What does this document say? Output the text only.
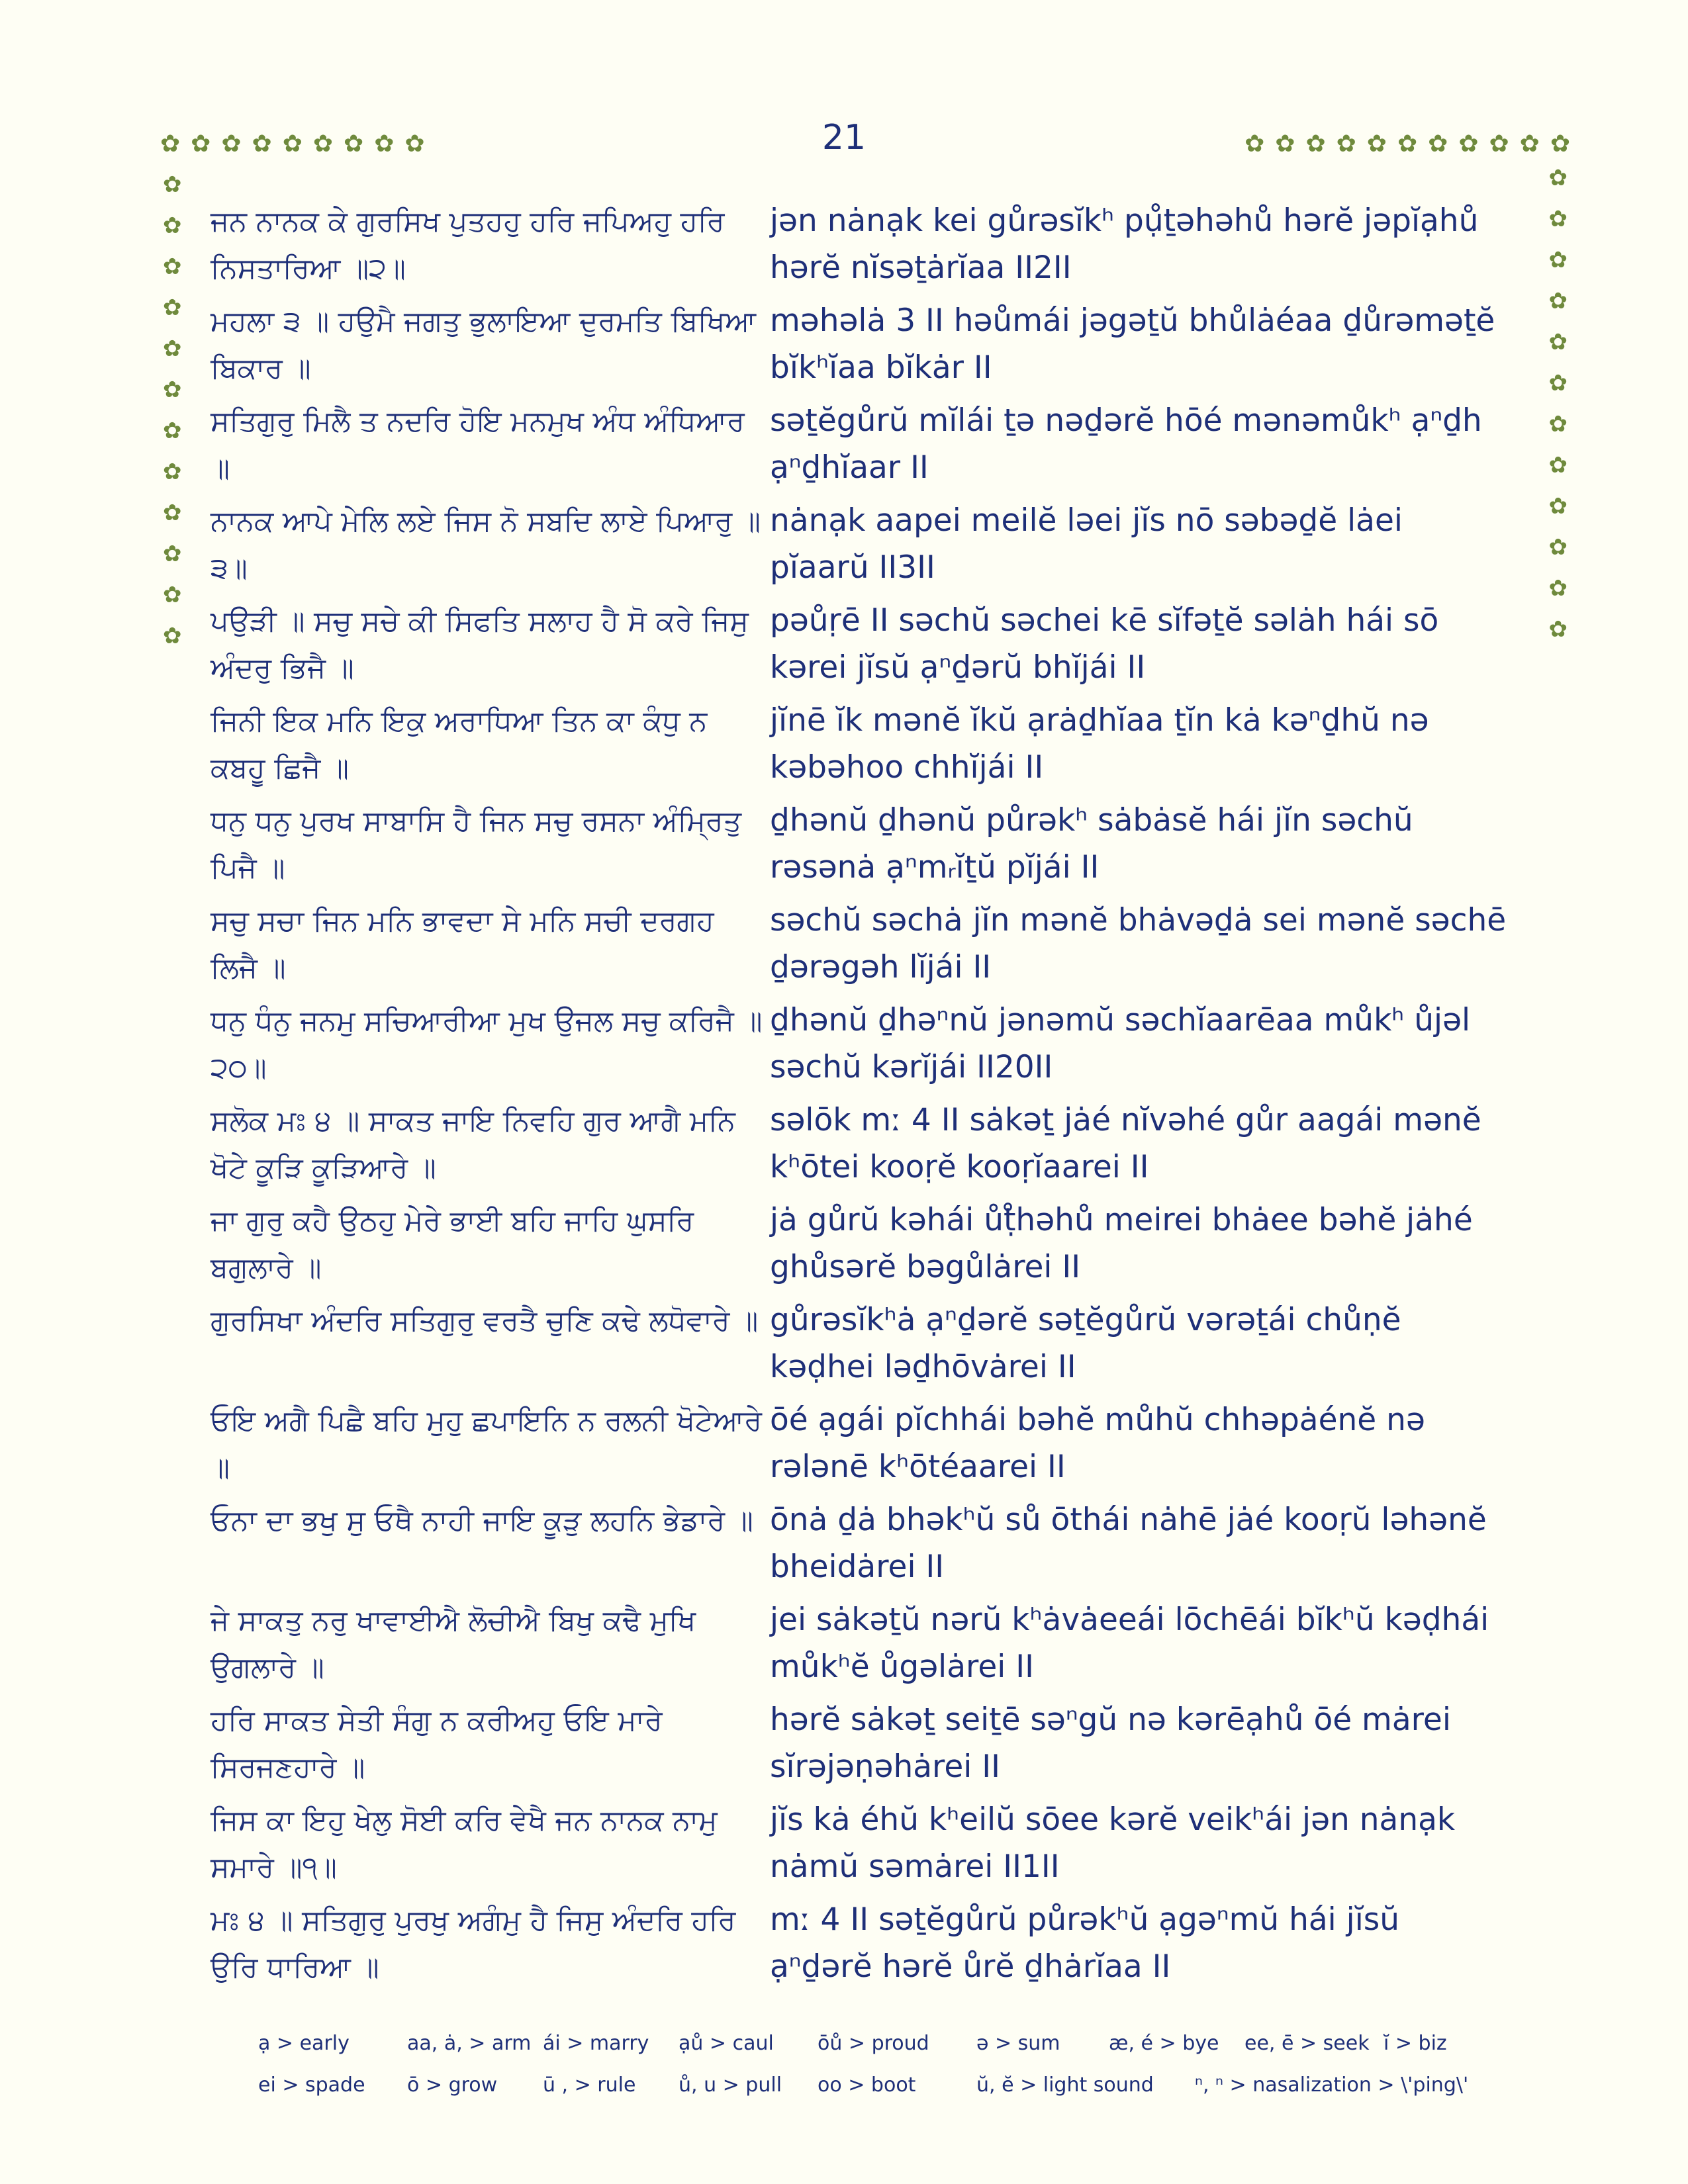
21
✿ ✿ ✿ ✿ ✿ ✿ ✿ ✿ ✿	✿ ✿ ✿ ✿ ✿ ✿ ✿ ✿ ✿ ✿ ✿
✿
✿
✿
✿
✿
✿
✿
✿
✿
✿
✿
✿
✿
✿
✿
✿
✿
✿
✿
✿
✿
✿
✿
✿
ਜਨ ਨਾਨਕ ਕੇ ਗੁਰਸਿਖ ਪੁਤਹਹੁ ਹਰਿ ਜਪਿਅਹੁ ਹਰਿ ਨਿਸਤਾਰਿਆ ॥੨॥
jən nȧnạk kei gůrəsĭkʰ pụ̊ṯəhəhů hərĕ jəpĭạhů hərĕ nĭsəṯȧrĭaa II2II
ਮਹਲਾ ੩ ॥ ਹਉਮੈ ਜਗਤੁ ਭੁਲਾਇਆ ਦੁਰਮਤਿ ਬਿਖਿਆ ਬਿਕਾਰ ॥
məhəlȧ 3 II həůmái jəgəṯŭ bhůlȧéaa ḏůrəməṯĕ bĭkʰĭaa bĭkȧr II
ਸਤਿਗੁਰੁ ਮਿਲੈ ਤ ਨਦਰਿ ਹੋਇ ਮਨਮੁਖ ਅੰਧ ਅੰਧਿਆਰ ॥
səṯĕgůrŭ mĭlái ṯə nəḏərĕ hōé mənəmůkʰ ạⁿḏh ạⁿḏhĭaar II
ਨਾਨਕ ਆਪੇ ਮੇਲਿ ਲਏ ਜਿਸ ਨੋ ਸਬਦਿ ਲਾਏ ਪਿਆਰੁ ॥੩॥
nȧnạk aapei meilĕ ləei jĭs nō səbəḏĕ lȧei pĭaarŭ II3II
ਪਉੜੀ ॥ ਸਚੁ ਸਚੇ ਕੀ ਸਿਫਤਿ ਸਲਾਹ ਹੈ ਸੋ ਕਰੇ ਜਿਸੁ ਅੰਦਰੁ ਭਿਜੈ ॥
pəůṛē II səchŭ səchei kē sĭfəṯĕ səlȧh hái sō kərei jĭsŭ ạⁿḏərŭ bhĭjái II
ਜਿਨੀ ਇਕ ਮਨਿ ਇਕੁ ਅਰਾਧਿਆ ਤਿਨ ਕਾ ਕੰਧੁ ਨ ਕਬਹੂ ਛਿਜੈ ॥
jĭnē ĭk mənĕ ĭkŭ ạrȧḏhĭaa ṯĭn kȧ kəⁿḏhŭ nə kəbəhoo chhĭjái II
ਧਨੁ ਧਨੁ ਪੁਰਖ ਸਾਬਾਸਿ ਹੈ ਜਿਨ ਸਚੁ ਰਸਨਾ ਅੰਮ੍ਰਿਤੁ ਪਿਜੈ ॥
ḏhənŭ ḏhənŭ půrəkʰ sȧbȧsĕ hái jĭn səchŭ rəsənȧ ạⁿmᵣĭṯŭ pĭjái II
ਸਚੁ ਸਚਾ ਜਿਨ ਮਨਿ ਭਾਵਦਾ ਸੇ ਮਨਿ ਸਚੀ ਦਰਗਹ ਲਿਜੈ ॥
səchŭ səchȧ jĭn mənĕ bhȧvəḏȧ sei mənĕ səchē ḏərəgəh lĭjái II
ਧਨੁ ਧੰਨੁ ਜਨਮੁ ਸਚਿਆਰੀਆ ਮੁਖ ਉਜਲ ਸਚੁ ਕਰਿਜੈ ॥੨੦॥
ḏhənŭ ḏhəⁿnŭ jənəmŭ səchĭaarēaa můkʰ ůjəl səchŭ kərĭjái II20II
ਸਲੋਕ ਮਃ ੪ ॥ ਸਾਕਤ ਜਾਇ ਨਿਵਹਿ ਗੁਰ ਆਗੈ ਮਨਿ ਖੋਟੇ ਕੂੜਿ ਕੂੜਿਆਰੇ ॥
səlōk mː 4 II sȧkəṯ jȧé nĭvəhé gůr aagái mənĕ kʰōtei kooṛĕ kooṛĭaarei II
ਜਾ ਗੁਰੁ ਕਹੈ ਉਠਹੁ ਮੇਰੇ ਭਾਈ ਬਹਿ ਜਾਹਿ ਘੁਸਰਿ ਬਗੁਲਾਰੇ ॥
jȧ gůrŭ kəhái ůṭ̊həhů meirei bhȧee bəhĕ jȧhé ghůsərĕ bəgůlȧrei II
ਗੁਰਸਿਖਾ ਅੰਦਰਿ ਸਤਿਗੁਰੁ ਵਰਤੈ ਚੁਣਿ ਕਢੇ ਲਧੋਵਾਰੇ ॥ gůrəsĭkʰȧ ạⁿḏərĕ səṯĕgůrŭ vərəṯái chůṇĕ kəḍhei ləḏhōvȧrei II
ਓਇ ਅਗੈ ਪਿਛੈ ਬਹਿ ਮੁਹੁ ਛਪਾਇਨਿ ਨ ਰਲਨੀ ਖੋਟੇਆਰੇ ॥
ōé ạgái pĭchhái bəhĕ můhŭ chhəpȧénĕ nə rələnē kʰōtéaarei II
ਓਨਾ ਦਾ ਭਖੁ ਸੁ ਓਥੈ ਨਾਹੀ ਜਾਇ ਕੂੜੁ ਲਹਨਿ ਭੇਡਾਰੇ ॥ ōnȧ ḏȧ bhəkʰŭ sů ōthái nȧhē jȧé kooṛŭ ləhənĕ bheidȧrei II
ਜੇ ਸਾਕਤੁ ਨਰੁ ਖਾਵਾਈਐ ਲੋਚੀਐ ਬਿਖੁ ਕਢੈ ਮੁਖਿ ਉਗਲਾਰੇ ॥
jei sȧkəṯŭ nərŭ kʰȧvȧeeái lōchēái bĭkʰŭ kəḍhái můkʰĕ ůgəlȧrei II
ਹਰਿ ਸਾਕਤ ਸੇਤੀ ਸੰਗੁ ਨ ਕਰੀਅਹੁ ਓਇ ਮਾਰੇ ਸਿਰਜਣਹਾਰੇ ॥
hərĕ sȧkəṯ seiṯē səⁿgŭ nə kərēạhů ōé mȧrei sĭrəjəṇəhȧrei II
ਜਿਸ ਕਾ ਇਹੁ ਖੇਲੁ ਸੋਈ ਕਰਿ ਵੇਖੈ ਜਨ ਨਾਨਕ ਨਾਮੁ ਸਮਾਰੇ ॥੧॥
jĭs kȧ éhŭ kʰeilŭ sōee kərĕ veikʰái jən nȧnạk nȧmŭ səmȧrei II1II
ਮਃ ੪ ॥ ਸਤਿਗੁਰੁ ਪੁਰਖੁ ਅਗੰਮੁ ਹੈ ਜਿਸੁ ਅੰਦਰਿ ਹਰਿ ਉਰਿ ਧਾਰਿਆ ॥
mː 4 II səṯĕgůrŭ půrəkʰŭ ạgəⁿmŭ hái jĭsŭ ạⁿḏərĕ hərĕ ůrĕ ḏhȧrĭaa II
ạ > early	aa, ȧ, > arm ái > marry	ạů > caul	ōů > proud	ə > sum	æ, é > bye	ee, ē > seek ĭ > biz
ei > spade	ō > grow	ū , > rule	ů, u > pull	oo > boot	ŭ, ĕ > light sound	ⁿ, ⁿ > nasalization > \'ping\'
